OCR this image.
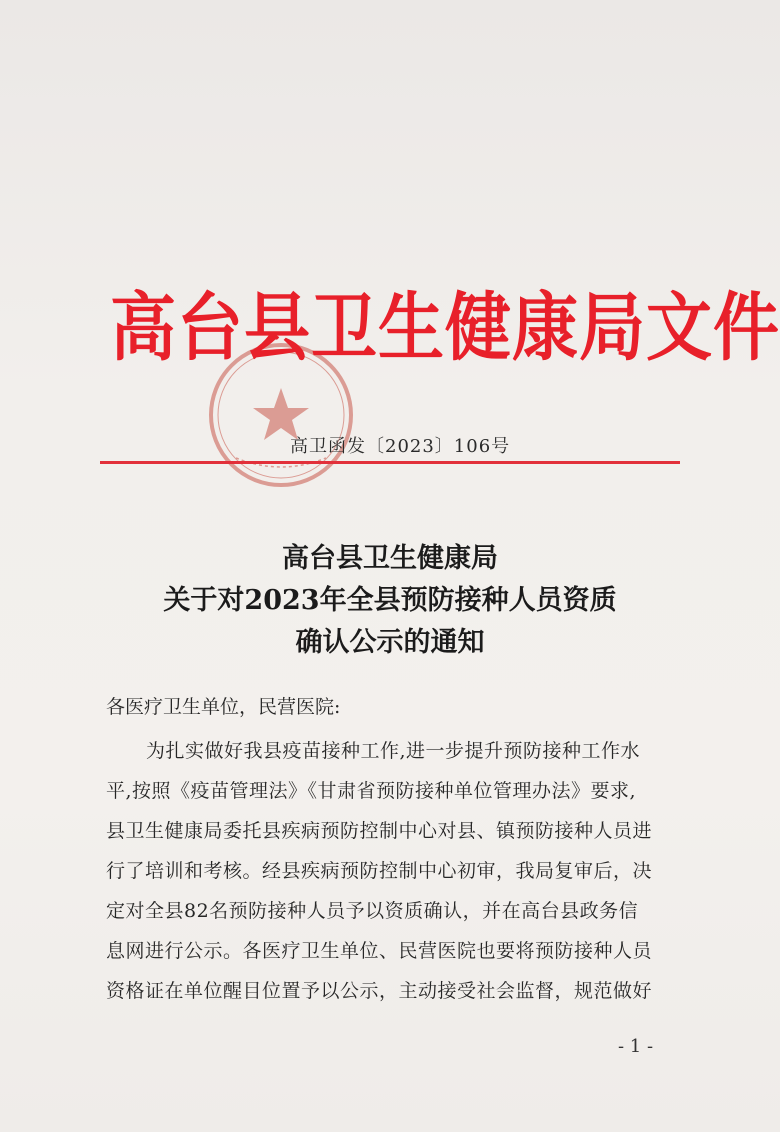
高台县卫生健康局文件
高卫函发〔2023〕106号
高台县卫生健康局
关于对2023年全县预防接种人员资质
确认公示的通知
各医疗卫生单位，民营医院:
为扎实做好我县疫苗接种工作,进一步提升预防接种工作水
平,按照《疫苗管理法》《甘肃省预防接种单位管理办法》要求,
县卫生健康局委托县疾病预防控制中心对县、镇预防接种人员进
行了培训和考核。经县疾病预防控制中心初审，我局复审后，决
定对全县82名预防接种人员予以资质确认，并在高台县政务信
息网进行公示。各医疗卫生单位、民营医院也要将预防接种人员
资格证在单位醒目位置予以公示，主动接受社会监督，规范做好
- 1 -
